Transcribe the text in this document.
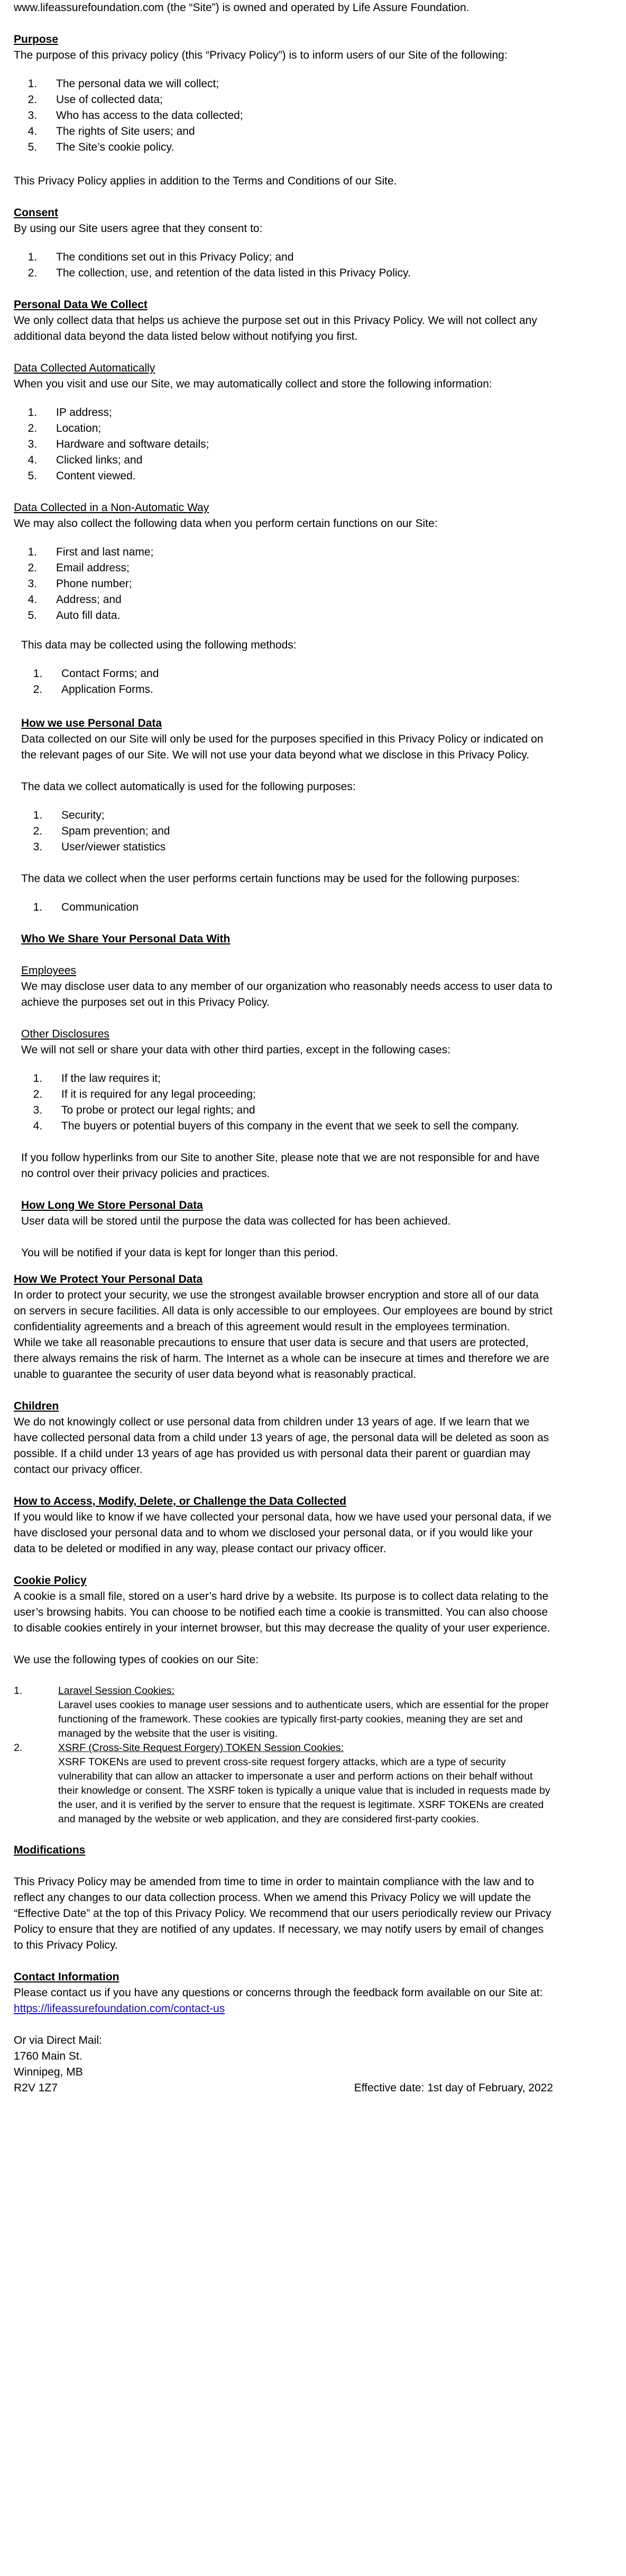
www.lifeassurefoundation.com (the “Site”) is owned and operated by Life Assure Foundation.

Purpose

The purpose of this privacy policy (this “Privacy Policy”) is to inform users of our Site of the following:

1. The personal data we will collect;
2. Use of collected data;
3. Who has access to the data collected;
4. The rights of Site users; and
5. The Site’s cookie policy.

This Privacy Policy applies in addition to the Terms and Conditions of our Site.

Consent

By using our Site users agree that they consent to:

1. The conditions set out in this Privacy Policy; and
2. The collection, use, and retention of the data listed in this Privacy Policy.

Personal Data We Collect

We only collect data that helps us achieve the purpose set out in this Privacy Policy. We will not collect any additional data beyond the data listed below without notifying you first.

Data Collected Automatically

When you visit and use our Site, we may automatically collect and store the following information:

1. IP address;
2. Location;
3. Hardware and software details;
4. Clicked links; and
5. Content viewed.

Data Collected in a Non-Automatic Way

We may also collect the following data when you perform certain functions on our Site:

1. First and last name;
2. Email address;
3. Phone number;
4. Address; and
5. Auto fill data.

This data may be collected using the following methods:

1. Contact Forms; and
2. Application Forms.

How we use Personal Data

Data collected on our Site will only be used for the purposes specified in this Privacy Policy or indicated on the relevant pages of our Site. We will not use your data beyond what we disclose in this Privacy Policy.

The data we collect automatically is used for the following purposes:

1. Security;
2. Spam prevention; and
3. User/viewer statistics

The data we collect when the user performs certain functions may be used for the following purposes:

1. Communication

Who We Share Your Personal Data With

Employees

We may disclose user data to any member of our organization who reasonably needs access to user data to achieve the purposes set out in this Privacy Policy.

Other Disclosures

We will not sell or share your data with other third parties, except in the following cases:

1. If the law requires it;
2. If it is required for any legal proceeding;
3. To probe or protect our legal rights; and
4. The buyers or potential buyers of this company in the event that we seek to sell the company.

If you follow hyperlinks from our Site to another Site, please note that we are not responsible for and have no control over their privacy policies and practices.

How Long We Store Personal Data

User data will be stored until the purpose the data was collected for has been achieved.

You will be notified if your data is kept for longer than this period.

How We Protect Your Personal Data

In order to protect your security, we use the strongest available browser encryption and store all of our data on servers in secure facilities. All data is only accessible to our employees. Our employees are bound by strict confidentiality agreements and a breach of this agreement would result in the employees termination.

While we take all reasonable precautions to ensure that user data is secure and that users are protected, there always remains the risk of harm. The Internet as a whole can be insecure at times and therefore we are unable to guarantee the security of user data beyond what is reasonably practical.

Children

We do not knowingly collect or use personal data from children under 13 years of age. If we learn that we have collected personal data from a child under 13 years of age, the personal data will be deleted as soon as possible. If a child under 13 years of age has provided us with personal data their parent or guardian may contact our privacy officer.

How to Access, Modify, Delete, or Challenge the Data Collected

If you would like to know if we have collected your personal data, how we have used your personal data, if we have disclosed your personal data and to whom we disclosed your personal data, or if you would like your data to be deleted or modified in any way, please contact our privacy officer.

Cookie Policy

A cookie is a small file, stored on a user’s hard drive by a website. Its purpose is to collect data relating to the user’s browsing habits. You can choose to be notified each time a cookie is transmitted. You can also choose to disable cookies entirely in your internet browser, but this may decrease the quality of your user experience.

We use the following types of cookies on our Site:

1.	Laravel Session Cookies:
Laravel uses cookies to manage user sessions and to authenticate users, which are essential for the proper functioning of the framework. These cookies are typically first-party cookies, meaning they are set and managed by the website that the user is visiting.
2.	XSRF (Cross-Site Request Forgery) TOKEN Session Cookies:
XSRF TOKENs are used to prevent cross-site request forgery attacks, which are a type of security vulnerability that can allow an attacker to impersonate a user and perform actions on their behalf without their knowledge or consent. The XSRF token is typically a unique value that is included in requests made by the user, and it is verified by the server to ensure that the request is legitimate. XSRF TOKENs are created and managed by the website or web application, and they are considered first-party cookies.

Modifications

This Privacy Policy may be amended from time to time in order to maintain compliance with the law and to reflect any changes to our data collection process. When we amend this Privacy Policy we will update the “Effective Date” at the top of this Privacy Policy. We recommend that our users periodically review our Privacy Policy to ensure that they are notified of any updates. If necessary, we may notify users by email of changes to this Privacy Policy.

Contact Information

Please contact us if you have any questions or concerns through the feedback form available on our Site at:

https://lifeassurefoundation.com/contact-us

Or via Direct Mail:

1760 Main St.

Winnipeg, MB

R2V 1Z7	Effective date: 1st day of February, 2022
